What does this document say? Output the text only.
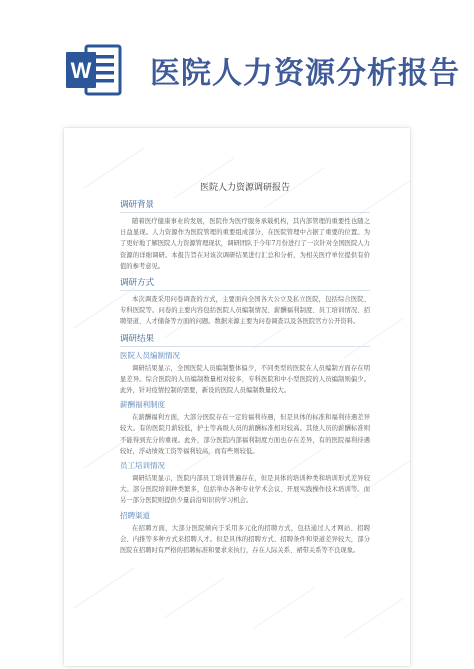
W 医院人力资源分析报告
医院人力资源调研报告
调研背景

随着医疗健康事业的发展，医院作为医疗服务承载机构，其内部管理的重要性也随之日益显现。人力资源作为医院管理的重要组成部分，在医院管理中占据了重要的位置。为了更好地了解医院人力资源管理现状，调研团队于今年7月份进行了一次针对全国医院人力资源的详细调研。本报告旨在对该次调研结果进行汇总和分析，为相关医疗单位提供有价值的参考意见。

调研方式

本次调查采用问卷调查的方式，主要面向全国各大公立及私立医院，包括综合医院、专科医院等。问卷的主要内容包括医院人员编制情况、薪酬福利制度、员工培训情况、招聘渠道、人才储备等方面的问题。数据来源主要为问卷调查以及各医院官方公开资料。

调研结果
医院人员编制情况

调研结果显示，全国医院人员编制整体偏少，不同类型的医院在人员编制方面存在明显差异。综合医院的人员编制数量相对较多，专科医院和中小型医院的人员编制则偏少。此外，针对疫情控制的需要，新设的医院人员编制数量较大。

薪酬福利制度

在薪酬福利方面，大部分医院存在一定的福利待遇，但是具体的标准和福利待遇差异较大。有的医院月薪较低，护士等高级人员的薪酬标准相对较高。其他人员的薪酬标准则不能得到充分的重视。此外，部分医院内部福利制度方面也存在差异，有的医院福利待遇较好，浮动绩效工资等福利较高，而有些则较低。

员工培训情况

调研结果显示，医院内部员工培训普遍存在，但是具体的培训种类和培训形式差异较大。部分医院培训种类繁多，包括举办各种专业学术会议、开展实践操作技术培训等。而另一部分医院则提供少量前沿知识的学习机会。

招聘渠道

在招聘方面，大部分医院倾向于采用多元化的招聘方式，包括通过人才网站、招聘会、内推等多种方式来招聘人才。但是具体的招聘方式、招聘条件和渠道差异较大，部分医院在招聘时有严格的招聘标准和要求来执行，存在人际关系、裙带关系等不良现象。
